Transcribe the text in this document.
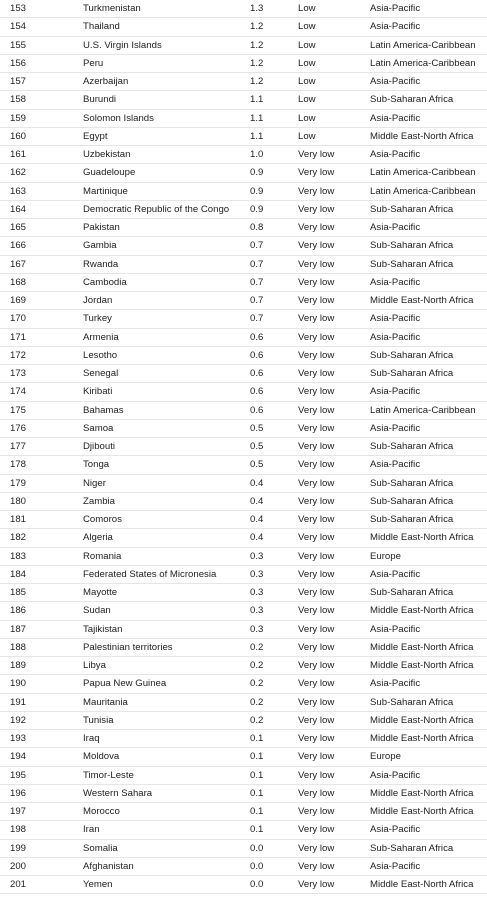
153	Turkmenistan	1.3	Low	Asia-Pacific
154	Thailand	1.2	Low	Asia-Pacific
155	U.S. Virgin Islands	1.2	Low	Latin America-Caribbean
156	Peru	1.2	Low	Latin America-Caribbean
157	Azerbaijan	1.2	Low	Asia-Pacific
158	Burundi	1.1	Low	Sub-Saharan Africa
159	Solomon Islands	1.1	Low	Asia-Pacific
160	Egypt	1.1	Low	Middle East-North Africa
161	Uzbekistan	1.0	Very low	Asia-Pacific
162	Guadeloupe	0.9	Very low	Latin America-Caribbean
163	Martinique	0.9	Very low	Latin America-Caribbean
164	Democratic Republic of the Congo 0.9	Very low	Sub-Saharan Africa
165	Pakistan	0.8	Very low	Asia-Pacific
166	Gambia	0.7	Very low	Sub-Saharan Africa
167	Rwanda	0.7	Very low	Sub-Saharan Africa
168	Cambodia	0.7	Very low	Asia-Pacific
169	Jordan	0.7	Very low	Middle East-North Africa
170	Turkey	0.7	Very low	Asia-Pacific
171	Armenia	0.6	Very low	Asia-Pacific
172	Lesotho	0.6	Very low	Sub-Saharan Africa
173	Senegal	0.6	Very low	Sub-Saharan Africa
174	Kiribati	0.6	Very low	Asia-Pacific
175	Bahamas	0.6	Very low	Latin America-Caribbean
176	Samoa	0.5	Very low	Asia-Pacific
177	Djibouti	0.5	Very low	Sub-Saharan Africa
178	Tonga	0.5	Very low	Asia-Pacific
179	Niger	0.4	Very low	Sub-Saharan Africa
180	Zambia	0.4	Very low	Sub-Saharan Africa
181	Comoros	0.4	Very low	Sub-Saharan Africa
182	Algeria	0.4	Very low	Middle East-North Africa
183	Romania	0.3	Very low	Europe
184	Federated States of Micronesia	0.3	Very low	Asia-Pacific
185	Mayotte	0.3	Very low	Sub-Saharan Africa
186	Sudan	0.3	Very low	Middle East-North Africa
187	Tajikistan	0.3	Very low	Asia-Pacific
188	Palestinian territories	0.2	Very low	Middle East-North Africa
189	Libya	0.2	Very low	Middle East-North Africa
190	Papua New Guinea	0.2	Very low	Asia-Pacific
191	Mauritania	0.2	Very low	Sub-Saharan Africa
192	Tunisia	0.2	Very low	Middle East-North Africa
193	Iraq	0.1	Very low	Middle East-North Africa
194	Moldova	0.1	Very low	Europe
195	Timor-Leste	0.1	Very low	Asia-Pacific
196	Western Sahara	0.1	Very low	Middle East-North Africa
197	Morocco	0.1	Very low	Middle East-North Africa
198	Iran	0.1	Very low	Asia-Pacific
199	Somalia	0.0	Very low	Sub-Saharan Africa
200	Afghanistan	0.0	Very low	Asia-Pacific
201	Yemen	0.0	Very low	Middle East-North Africa
